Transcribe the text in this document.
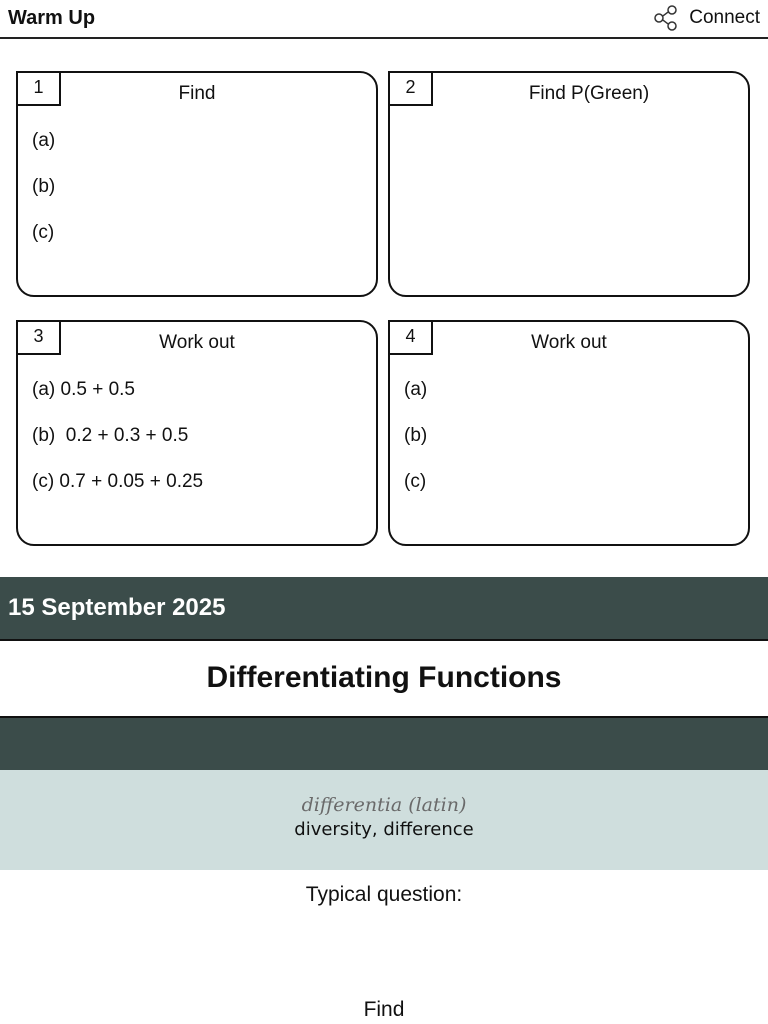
Warm Up	Connect
1	Find
(a)
(b)
(c)
2	Find P(Green)
3	Work out
(a) 0.5 + 0.5
(b)  0.2 + 0.3 + 0.5
(c) 0.7 + 0.05 + 0.25
4	Work out
(a)
(b)
(c)
15 September 2025
Differentiating Functions
differentia (latin)
diversity, difference
Typical question:
Find
